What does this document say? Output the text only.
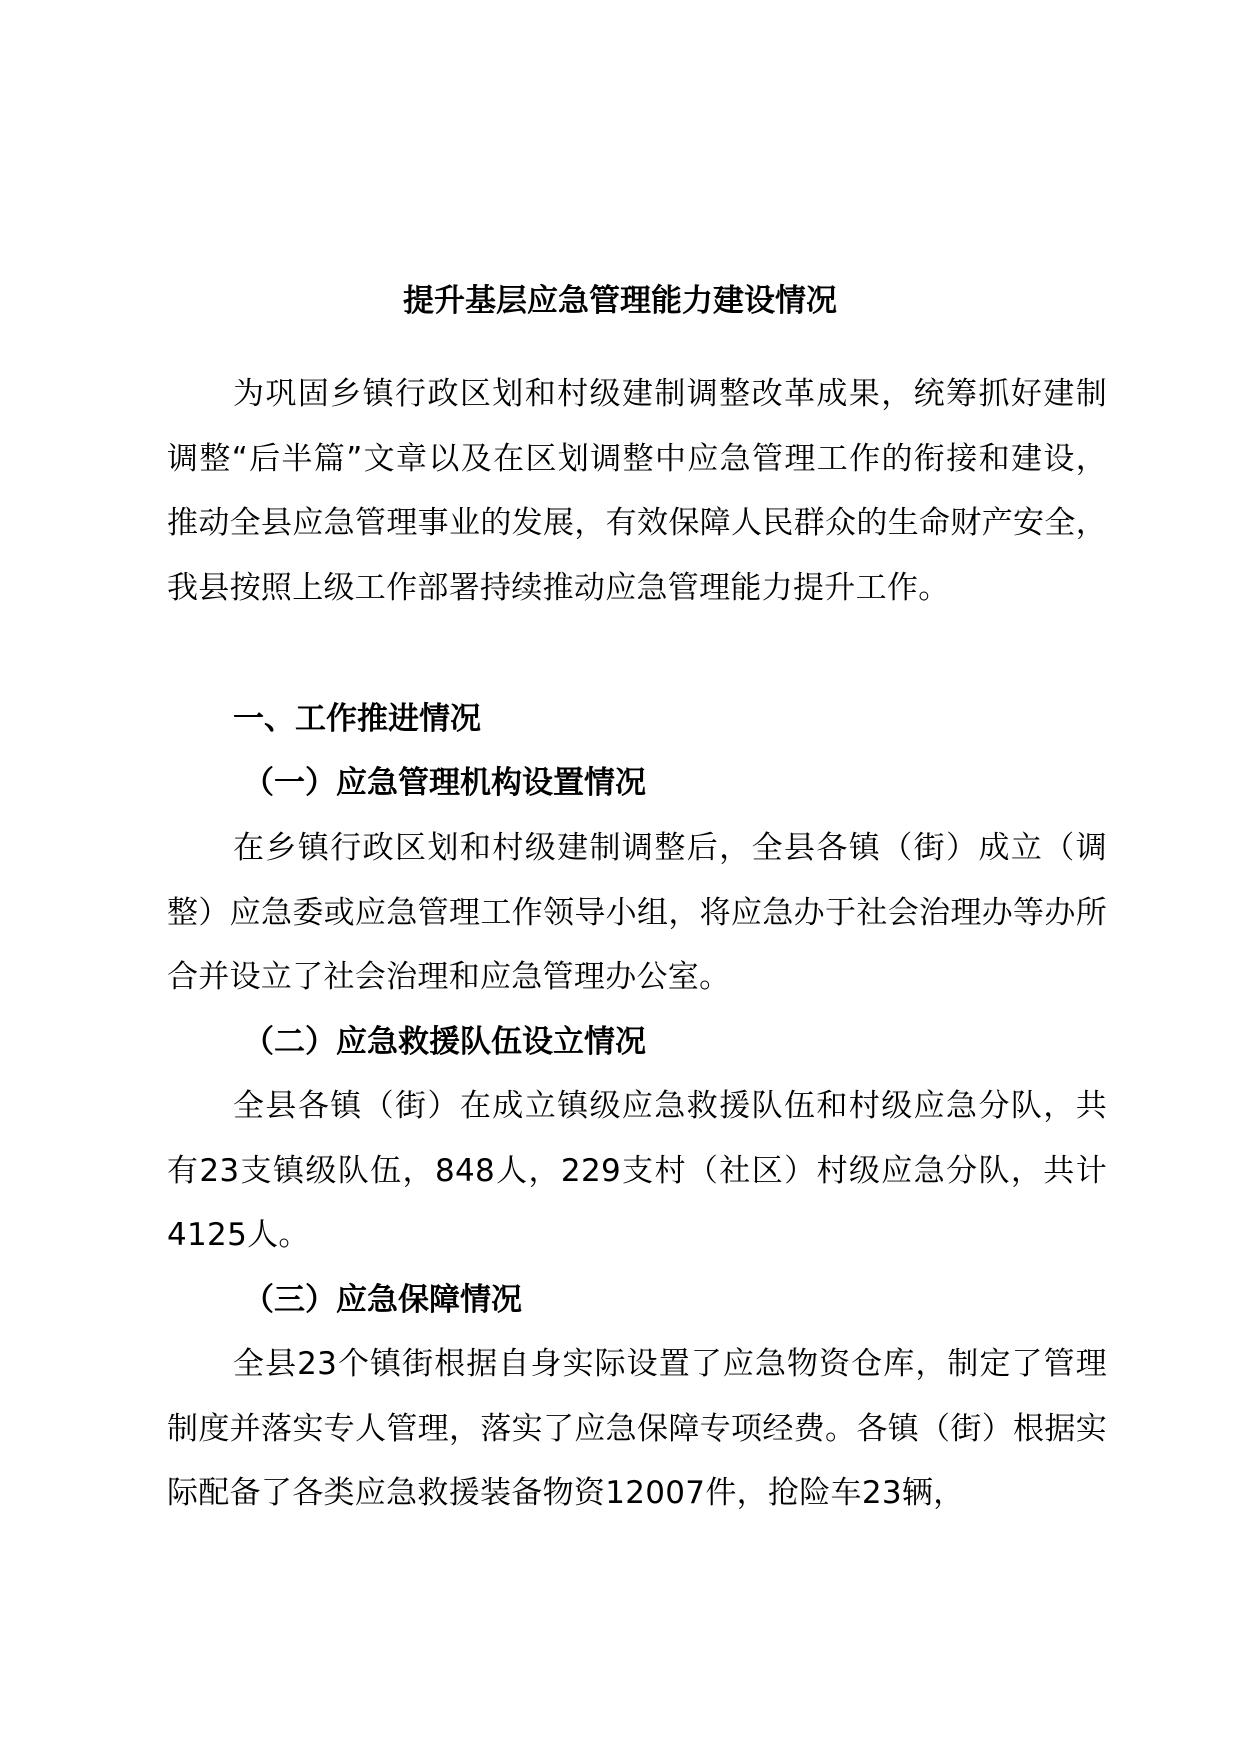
提升基层应急管理能力建设情况
为巩固乡镇行政区划和村级建制调整改革成果，统筹抓好建制调整“后半篇”文章以及在区划调整中应急管理工作的衔接和建设，推动全县应急管理事业的发展，有效保障人民群众的生命财产安全，我县按照上级工作部署持续推动应急管理能力提升工作。
一、工作推进情况
（一）应急管理机构设置情况
在乡镇行政区划和村级建制调整后，全县各镇（街）成立（调整）应急委或应急管理工作领导小组，将应急办于社会治理办等办所合并设立了社会治理和应急管理办公室。
（二）应急救援队伍设立情况
全县各镇（街）在成立镇级应急救援队伍和村级应急分队，共有23支镇级队伍，848人，229支村（社区）村级应急分队，共计4125人。
（三）应急保障情况
全县23个镇街根据自身实际设置了应急物资仓库，制定了管理制度并落实专人管理，落实了应急保障专项经费。各镇（街）根据实际配备了各类应急救援装备物资12007件，抢险车23辆，
